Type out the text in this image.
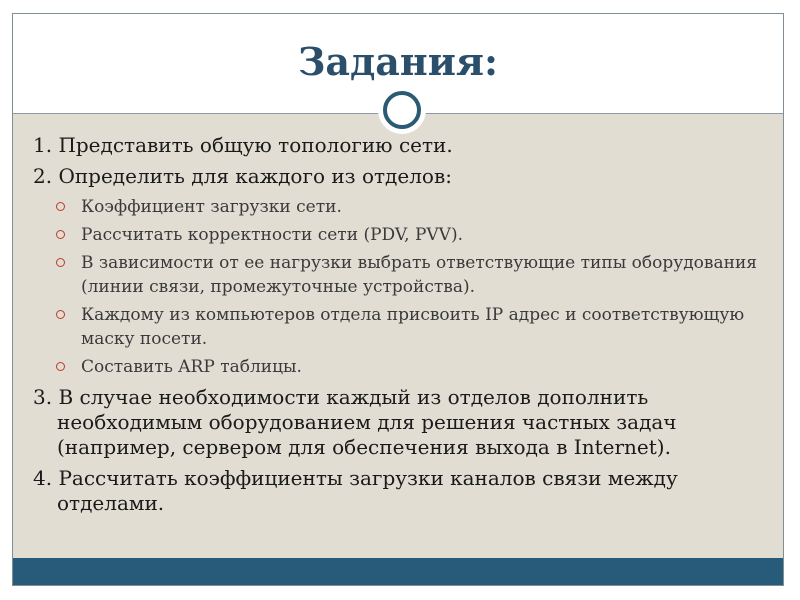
Задания:
1. Представить общую топологию сети.
2. Определить для каждого из отделов:
Коэффициент загрузки сети.
Рассчитать корректности сети (PDV, PVV).
В зависимости от ее нагрузки выбрать ответствующие типы оборудования (линии связи, промежуточные устройства).
Каждому из компьютеров отдела присвоить IP адрес и соответствующую маску посети.
Составить ARP таблицы.
3. В случае необходимости каждый из отделов дополнить необходимым оборудованием для решения частных задач (например, сервером для обеспечения выхода в Internet).
4. Рассчитать коэффициенты загрузки каналов связи между отделами.
